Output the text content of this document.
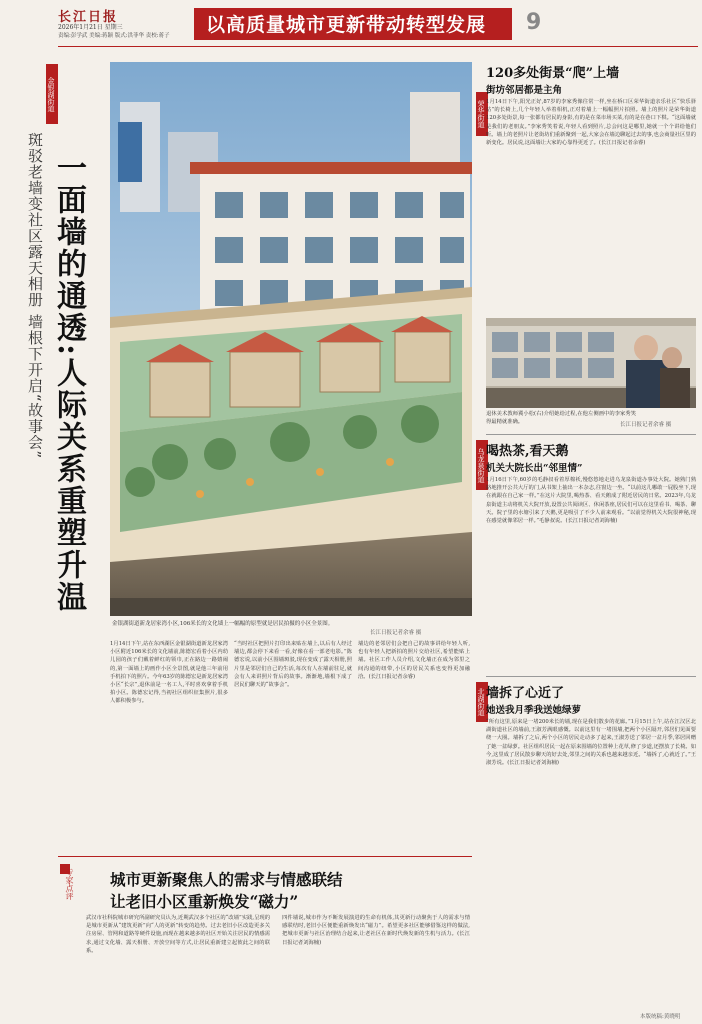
长江日报
2026年1月21日 星期三
责编:彭学武 美编:蒋颖 版式:洪菲华 责校:蒋子 以高质量城市更新带动转型发展 9
金银湖街道
斑驳老墙变社区露天相册 墙根下开启“故事会” 一面墙的通透:人际关系重塑升温
金银湖街道新龙居家湾小区,106米长的文化墙上一幅幅的原型就是居民拍摄的小区全景图。
长江日报记者余睿 摄
1月14日下午,站在东西湖区金银湖街道新龙居家湾小区附近106米长的文化墙前,陈德宏看着小区内幼儿园的孩子们戴着鲜红的领巾,正在路边一路嬉闹的,第一面墙上的画作小区全景图,就是他三年前用手机拍下的照片。今年63岁的陈德宏是新龙居家湾小区“长宗”,退休前是一名工人,平时喜欢拿着手机拍小区。陈德宏记得,当初社区组织征集照片,很多人都积极参与。
“当时社区把照片打印出来贴在墙上,以后有人经过墙边,都会停下来看一看,好像在看一部老电影。”陈德宏说,以前小区围墙斑驳,现在变成了露天相册,照片里是邻居们自己的生活,每次有人在墙前驻足,就会有人来讲照片背后的故事。渐渐地,墙根下成了居民们聊天的“故事会”。
墙边的老邻居们会把自己的故事讲给年轻人听,也有年轻人把新拍的照片交给社区,希望能贴上墙。社区工作人员介绍,文化墙正在成为邻里之间沟通的纽带,小区的居民关系也变得更加融洽。(长江日报记者余睿)
荣华街道
120多处街景“爬”上墙
街坊邻居都是主角
1月14日下午,阳光正好,87岁的李家秀像往常一样,坐在桥口区荣华街道亲乐社区“快乐驿站”的长椅上,几个年轻人举着相机,正对着墙上一幅幅照片拍照。墙上的照片是荣华街道120多处街景,每一张都有居民的身影,有的是在菜市场买菜,有的是在巷口下棋。“这面墙就是我们的老朋友。”李家秀笑着说,年轻人看到照片,总会问这是哪里,她就一个个讲给他们听。墙上的老照片让老街坊们重新聚到一起,大家会在墙边聊起过去的事,也会商量社区里的新变化。居民说,这面墙让大家的心靠得更近了。(长江日报记者余睿)
退休美术教师冀小松(右)介绍她给过程,在他左侧画中的李家秀笑得最精就准确。	长江日报记者余睿 摄
乌龙泉街道 喝热茶,看天鹅
机关大院长出“邻里情”
1月16日下午,60岁的毛静叔看着厚棉袄,慢悠悠地走进乌龙泉街道办事处大院。她熟门熟路地推开公共大厅的门,从书架上抽出一本杂志,往窗边一坐。“以前这儿哪敢一屁股坐下,现在就跟在自己家一样。”在这片大院里,喝热茶、看天鹅成了附近居民的日常。2023年,乌龙泉街道主动将机关大院开放,设置公共阅读区、休闲茶座,居民们可以在这里看书、喝茶、聊天。院子里的水塘引来了天鹅,更是吸引了不少人前来观看。“以前觉得机关大院很神秘,现在感觉就像邻居一样。”毛静叔说。(长江日报记者刘海楠)
北湖街道 墙拆了心近了
她送我月季我送她绿萝
“所有这里,原来是一堵200米长的墙,现在是我们散步的花廊。”1月15日上午,站在江汉区北湖街道社区的墙前,王淑芳满眼感慨。以前这里有一堵围墙,把两个小区隔开,邻居们见面要绕一大圈。墙拆了之后,两个小区的居民走动多了起来,王淑芳送了邻居一盆月季,邻居回赠了她一盆绿萝。社区组织居民一起在原来围墙的位置种上花草,修了步道,还摆放了长椅。如今,这里成了居民散步聊天的好去处,邻里之间的关系也越来越亲近。“墙拆了,心就近了。”王淑芳说。(长江日报记者刘海楠)
本版统稿:黄晓明
专家点评 城市更新聚焦人的需求与情感联结
让老旧小区重新焕发“磁力”
武汉市社科院城市研究所副研究员认为,近期武汉多个社区的“改墙”实践,呈现的是城市更新从“建筑更新”向“人的更新”转变的趋势。过去老旧小区改造更多关注房屋、管网和道路等硬件设施,而现在越来越多的社区开始关注居民的情感需求,通过文化墙、露天相册、开放空间等方式,让居民重新建立起彼此之间的联系。
四件墙说,城市作为不断发展演进的生命有机体,其更新行动聚焦于人的需求与情感联结时,老旧小区便能重新焕发出“磁力”。希望更多社区能够借鉴这样的做法,把城市更新与社区治理结合起来,让老社区在新时代焕发新的生机与活力。(长江日报记者刘海楠)
